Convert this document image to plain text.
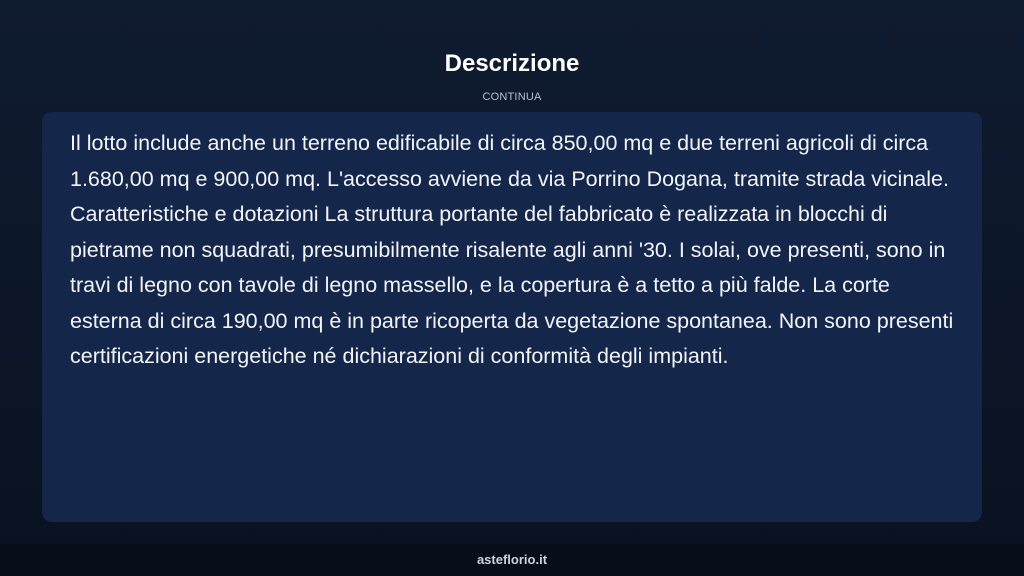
Descrizione
CONTINUA

Il lotto include anche un terreno edificabile di circa 850,00 mq e due terreni agricoli di circa 1.680,00 mq e 900,00 mq. L'accesso avviene da via Porrino Dogana, tramite strada vicinale. Caratteristiche e dotazioni La struttura portante del fabbricato è realizzata in blocchi di pietrame non squadrati, presumibilmente risalente agli anni '30. I solai, ove presenti, sono in travi di legno con tavole di legno massello, e la copertura è a tetto a più falde. La corte esterna di circa 190,00 mq è in parte ricoperta da vegetazione spontanea. Non sono presenti certificazioni energetiche né dichiarazioni di conformità degli impianti.

asteflorio.it
